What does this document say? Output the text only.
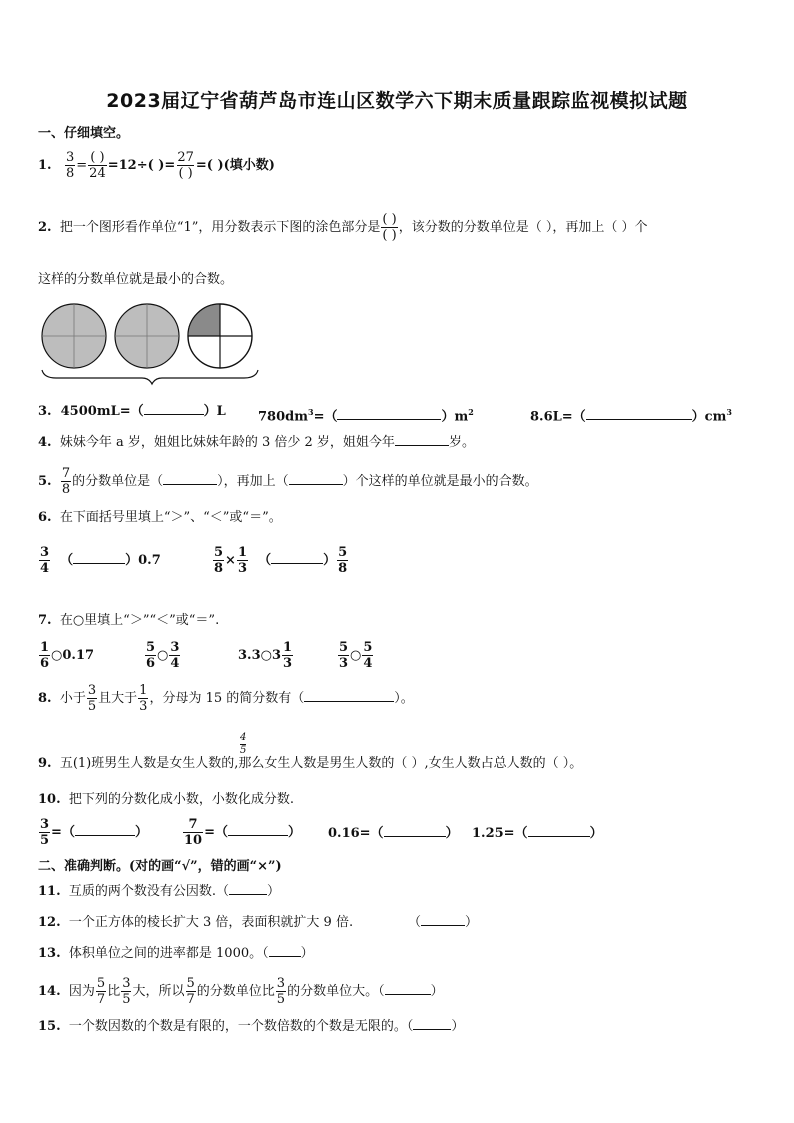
2023届辽宁省葫芦岛市连山区数学六下期末质量跟踪监视模拟试题
一、仔细填空。
1. $\frac{3}{8} = \frac{( )}{24} =12\div$( )= $\frac{27}{( )}$ =( )(填小数)
2. 把一个图形看作单位“1”，用分数表示下图的涂色部分是 $\frac{( )}{( )}$ ，该分数的分数单位是（ ），再加上（ ）个
这样的分数单位就是最小的合数。
3. 4500mL=（	）L $780dm^3=$（	）$m^2$	8.6L=（	）$cm^3$
4. 妹妹今年 a 岁，姐姐比妹妹年龄的 3 倍少 2 岁，姐姐今年	岁。
5. $\frac{7}{8}$ 的分数单位是（	），再加上（	）个这样的单位就是最小的合数。
6. 在下面括号里填上“＞”、“＜”或“＝”。
$\frac{3}{4}$ （	）0.7	$\frac{5}{8} \times \frac{1}{3}$ （	） $\frac{5}{8}$
7. 在○里填上“＞”“＜”或“＝”.
$\frac{1}{6}$ ○0.17	$\frac{5}{6}$ ○ $\frac{3}{4}$	3.3○3 $\frac{1}{3}$	$\frac{5}{3}$ ○ $\frac{5}{4}$
8. 小于 $\frac{3}{5}$ 且大于 $\frac{1}{3}$ ，分母为 15 的简分数有（	）。
9. 五(1)班男生人数是女生人数的,那么女生人数是男生人数的（ ）,女生人数占总人数的（ ）。
$\frac{4}{5}$
10. 把下列的分数化成小数，小数化成分数.
$\frac{3}{5}$ =（	）	$\frac{7}{10}$ =（	） 0.16=（	） 1.25=（	）
二、准确判断。(对的画“√”，错的画“×”)
11. 互质的两个数没有公因数.（	）
12. 一个正方体的棱长扩大 3 倍，表面积就扩大 9 倍.	（	）
13. 体积单位之间的进率都是 1000。（ ）
14. 因为 $\frac{5}{7}$ 比 $\frac{3}{5}$ 大，所以 $\frac{5}{7}$ 的分数单位比 $\frac{3}{5}$ 的分数单位大。（	）
15. 一个数因数的个数是有限的，一个数倍数的个数是无限的。（	）
